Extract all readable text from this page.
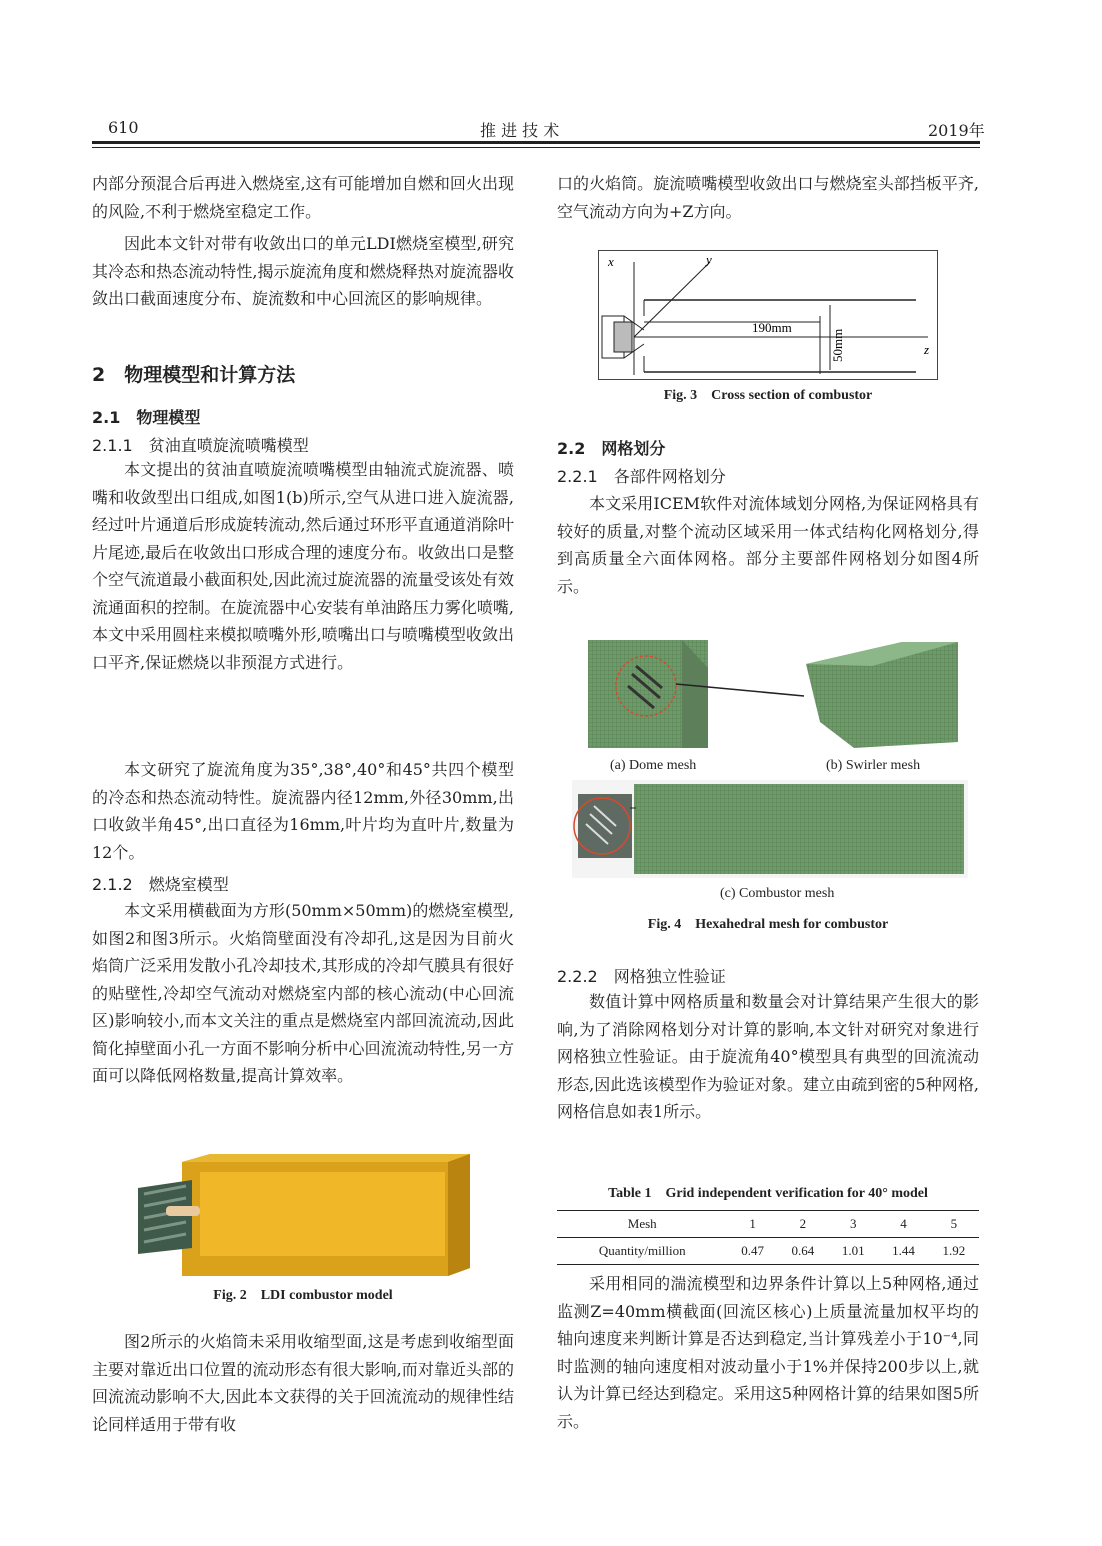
610	推 进 技 术	2019年

内部分预混合后再进入燃烧室,这有可能增加自燃和回火出现的风险,不利于燃烧室稳定工作。

因此本文针对带有收敛出口的单元LDI燃烧室模型,研究其冷态和热态流动特性,揭示旋流角度和燃烧释热对旋流器收敛出口截面速度分布、旋流数和中心回流区的影响规律。

2　物理模型和计算方法
2.1　物理模型
2.1.1　贫油直喷旋流喷嘴模型

本文提出的贫油直喷旋流喷嘴模型由轴流式旋流器、喷嘴和收敛型出口组成,如图1(b)所示,空气从进口进入旋流器,经过叶片通道后形成旋转流动,然后通过环形平直通道消除叶片尾迹,最后在收敛出口形成合理的速度分布。收敛出口是整个空气流道最小截面积处,因此流过旋流器的流量受该处有效流通面积的控制。在旋流器中心安装有单油路压力雾化喷嘴,本文中采用圆柱来模拟喷嘴外形,喷嘴出口与喷嘴模型收敛出口平齐,保证燃烧以非预混方式进行。

本文研究了旋流角度为35°,38°,40°和45°共四个模型的冷态和热态流动特性。旋流器内径12mm,外径30mm,出口收敛半角45°,出口直径为16mm,叶片均为直叶片,数量为12个。

2.1.2　燃烧室模型

本文采用横截面为方形(50mm×50mm)的燃烧室模型,如图2和图3所示。火焰筒壁面没有冷却孔,这是因为目前火焰筒广泛采用发散小孔冷却技术,其形成的冷却气膜具有很好的贴壁性,冷却空气流动对燃烧室内部的核心流动(中心回流区)影响较小,而本文关注的重点是燃烧室内部回流流动,因此简化掉壁面小孔一方面不影响分析中心回流流动特性,另一方面可以降低网格数量,提高计算效率。

Fig. 2　LDI combustor model

图2所示的火焰筒未采用收缩型面,这是考虑到收缩型面主要对靠近出口位置的流动形态有很大影响,而对靠近头部的回流流动影响不大,因此本文获得的关于回流流动的规律性结论同样适用于带有收

口的火焰筒。旋流喷嘴模型收敛出口与燃烧室头部挡板平齐,空气流动方向为+Z方向。

x	y
z
190mm
50mm
Fig. 3　Cross section of combustor
2.2　网格划分
2.2.1　各部件网格划分

本文采用ICEM软件对流体域划分网格,为保证网格具有较好的质量,对整个流动区域采用一体式结构化网格划分,得到高质量全六面体网格。部分主要部件网格划分如图4所示。

(a) Dome mesh	(b) Swirler mesh
(c) Combustor mesh
Fig. 4　Hexahedral mesh for combustor
2.2.2　网格独立性验证

数值计算中网格质量和数量会对计算结果产生很大的影响,为了消除网格划分对计算的影响,本文针对研究对象进行网格独立性验证。由于旋流角40°模型具有典型的回流流动形态,因此选该模型作为验证对象。建立由疏到密的5种网格,网格信息如表1所示。

Table 1　Grid independent verification for 40° model
Mesh	1	2	3	4	5
Quantity/million	0.47	0.64	1.01	1.44	1.92

采用相同的湍流模型和边界条件计算以上5种网格,通过监测Z=40mm横截面(回流区核心)上质量流量加权平均的轴向速度来判断计算是否达到稳定,当计算残差小于10⁻⁴,同时监测的轴向速度相对波动量小于1%并保持200步以上,就认为计算已经达到稳定。采用这5种网格计算的结果如图5所示。
